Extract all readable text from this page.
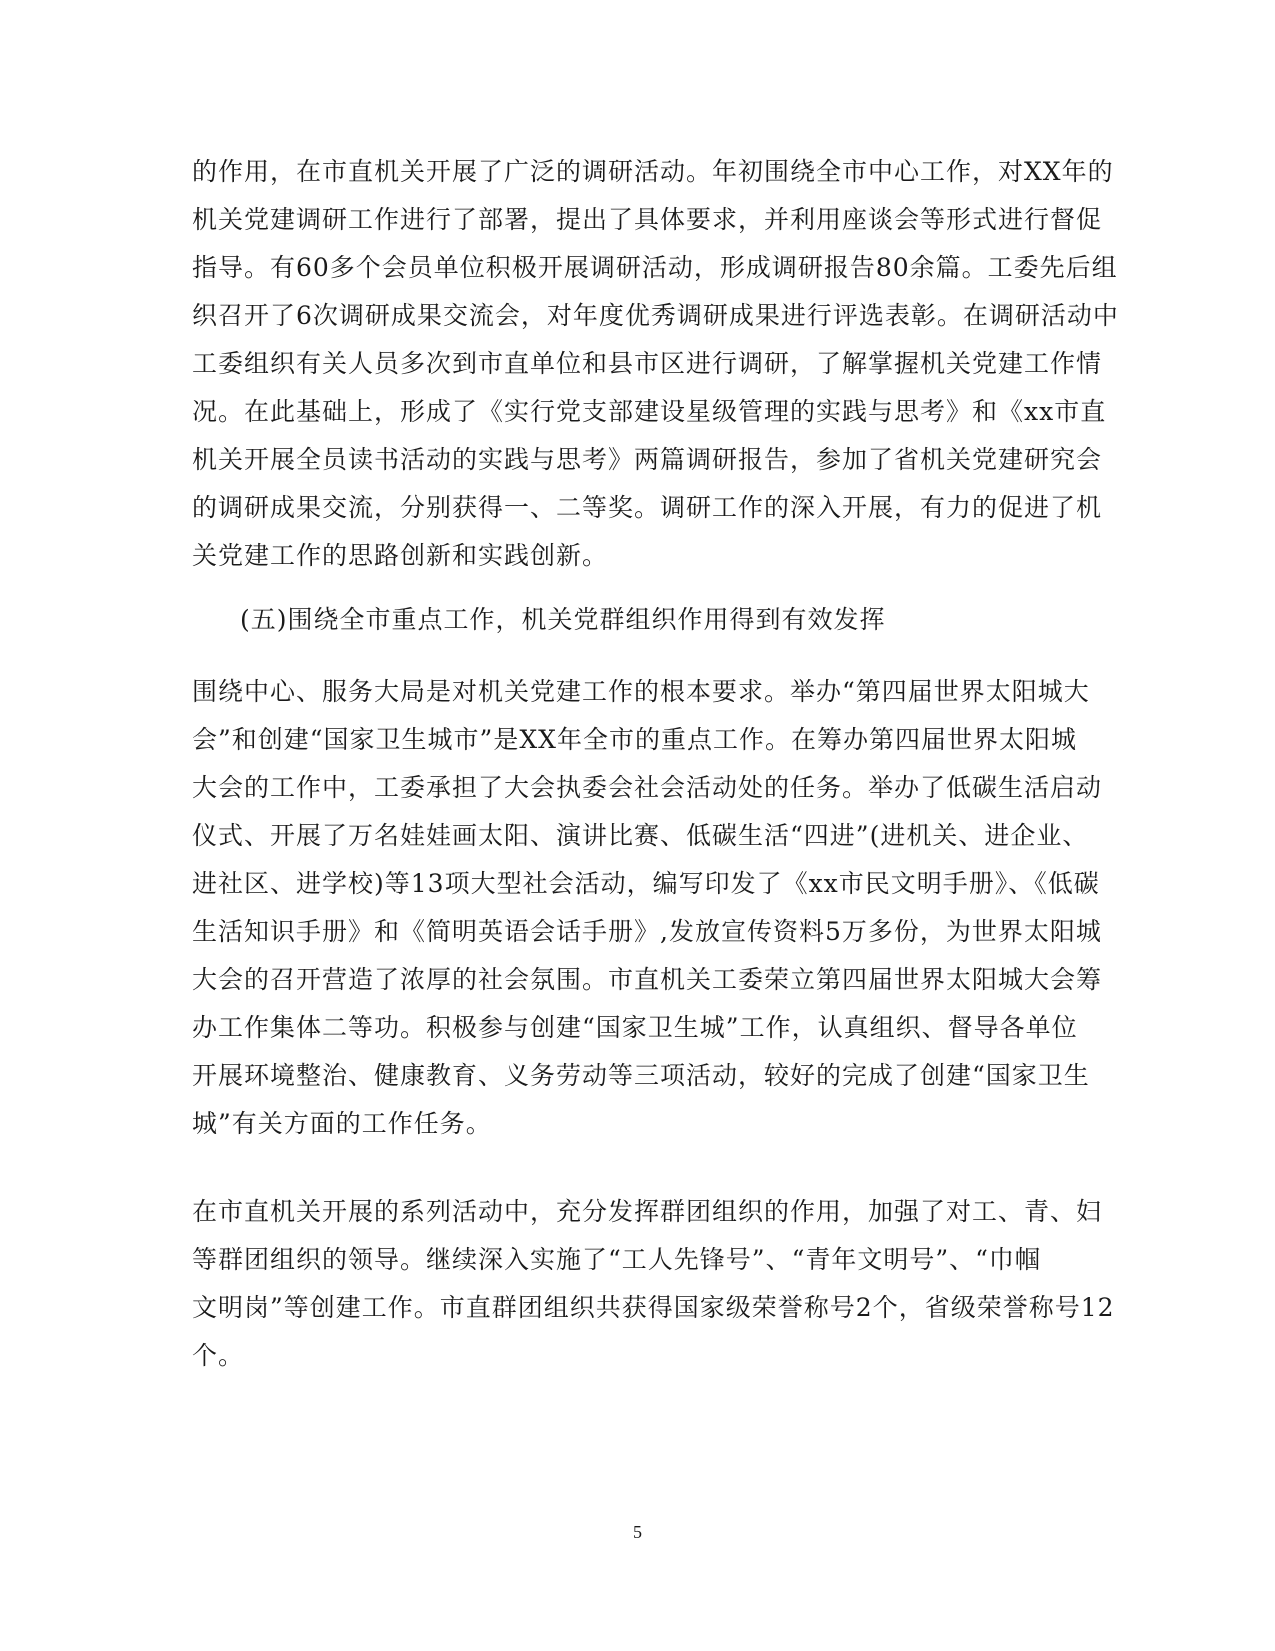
的作用，在市直机关开展了广泛的调研活动。年初围绕全市中心工作，对XX年的
机关党建调研工作进行了部署，提出了具体要求，并利用座谈会等形式进行督促
指导。有60多个会员单位积极开展调研活动，形成调研报告80余篇。工委先后组
织召开了6次调研成果交流会，对年度优秀调研成果进行评选表彰。在调研活动中
工委组织有关人员多次到市直单位和县市区进行调研，了解掌握机关党建工作情
况。在此基础上，形成了《实行党支部建设星级管理的实践与思考》和《xx市直
机关开展全员读书活动的实践与思考》两篇调研报告，参加了省机关党建研究会
的调研成果交流，分别获得一、二等奖。调研工作的深入开展，有力的促进了机
关党建工作的思路创新和实践创新。
(五)围绕全市重点工作，机关党群组织作用得到有效发挥
围绕中心、服务大局是对机关党建工作的根本要求。举办“第四届世界太阳城大
会”和创建“国家卫生城市”是XX年全市的重点工作。在筹办第四届世界太阳城
大会的工作中，工委承担了大会执委会社会活动处的任务。举办了低碳生活启动
仪式、开展了万名娃娃画太阳、演讲比赛、低碳生活“四进”(进机关、进企业、
进社区、进学校)等13项大型社会活动，编写印发了《xx市民文明手册》、《低碳
生活知识手册》和《简明英语会话手册》,发放宣传资料5万多份，为世界太阳城
大会的召开营造了浓厚的社会氛围。市直机关工委荣立第四届世界太阳城大会筹
办工作集体二等功。积极参与创建“国家卫生城”工作，认真组织、督导各单位
开展环境整治、健康教育、义务劳动等三项活动，较好的完成了创建“国家卫生
城”有关方面的工作任务。
在市直机关开展的系列活动中，充分发挥群团组织的作用，加强了对工、青、妇
等群团组织的领导。继续深入实施了“工人先锋号”、“青年文明号”、“巾帼
文明岗”等创建工作。市直群团组织共获得国家级荣誉称号2个，省级荣誉称号12
个。
5
